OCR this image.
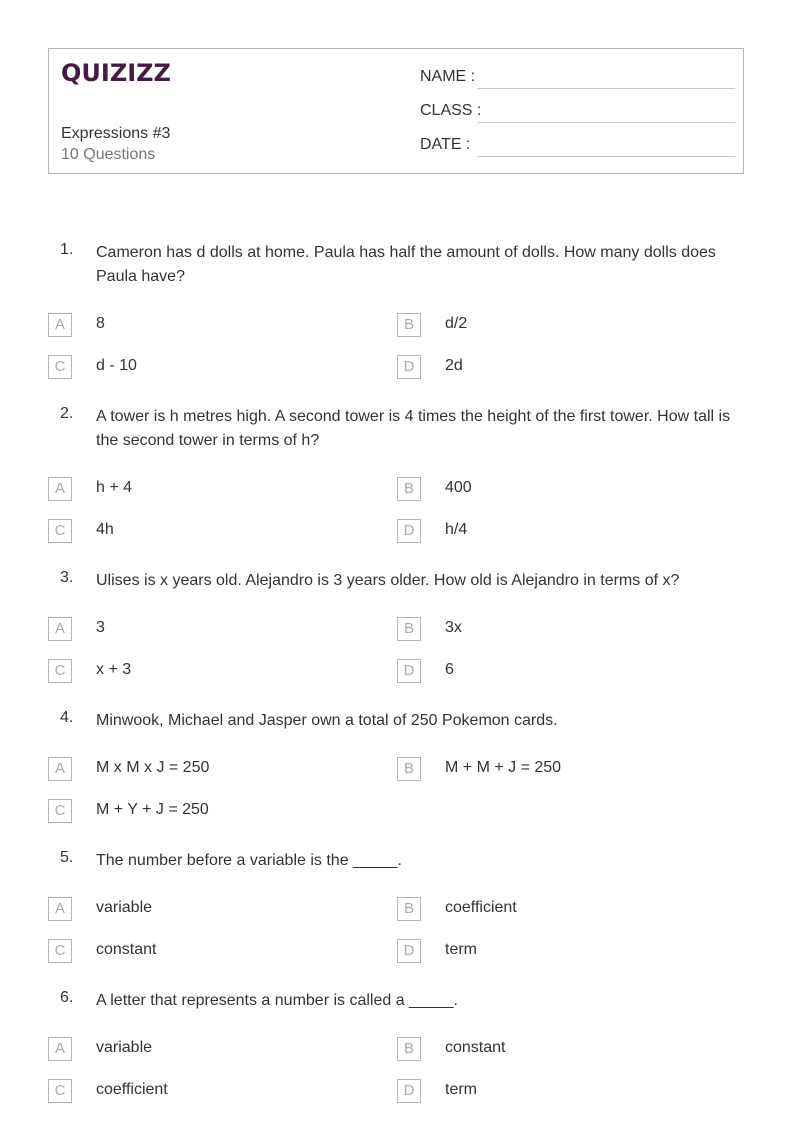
QUIZIZZ
Expressions #3
10 Questions
NAME :
CLASS :
DATE :
1. Cameron has d dolls at home. Paula has half the amount of dolls. How many dolls does Paula have?
A	8	B	d/2
C	d - 10	D	2d
2. A tower is h metres high. A second tower is 4 times the height of the first tower. How tall is the second tower in terms of h?
A	h + 4	B	400
C	4h	D	h/4
3. Ulises is x years old. Alejandro is 3 years older. How old is Alejandro in terms of x?
A	3	B	3x
C	x + 3	D	6
4. Minwook, Michael and Jasper own a total of 250 Pokemon cards.
A	M x M x J = 250	B	M + M + J = 250
C	M + Y + J = 250
5. The number before a variable is the _____.
A	variable	B	coefficient
C	constant	D	term
6. A letter that represents a number is called a _____.
A	variable	B	constant
C	coefficient	D	term
